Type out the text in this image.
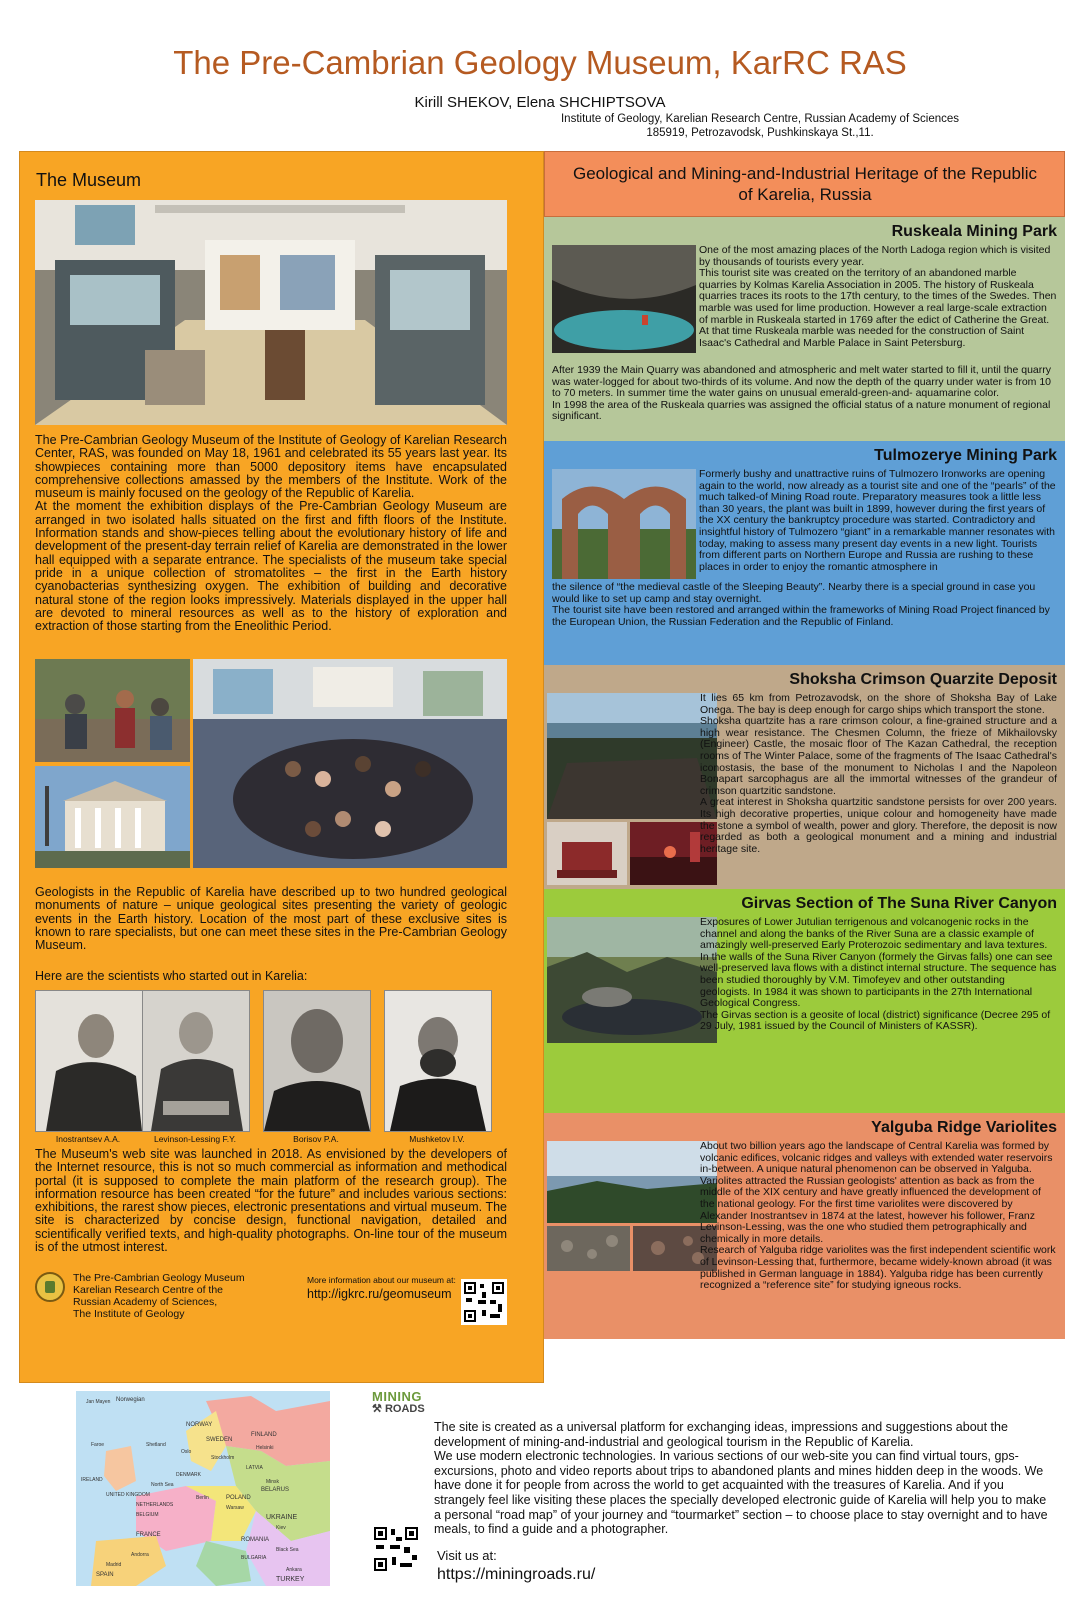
The Pre-Cambrian Geology Museum, KarRC RAS
Kirill SHEKOV, Elena SHCHIPTSOVA
Institute of Geology, Karelian Research Centre, Russian Academy of Sciences 185919, Petrozavodsk, Pushkinskaya St.,11.
The Museum
The Pre-Cambrian Geology Museum of the Institute of Geology of Karelian Research Center, RAS, was founded on May 18, 1961 and celebrated its 55 years last year. Its showpieces containing more than 5000 depository items have encapsulated comprehensive collections amassed by the members of the Institute. Work of the museum is mainly focused on the geology of the Republic of Karelia.
At the moment the exhibition displays of the Pre-Cambrian Geology Museum are arranged in two isolated halls situated on the first and fifth floors of the Institute. Information stands and show-pieces telling about the evolutionary history of life and development of the present-day terrain relief of Karelia are demonstrated in the lower hall equipped with a separate entrance. The specialists of the museum take special pride in a unique collection of stromatolites – the first in the Earth history cyanobacterias synthesizing oxygen. The exhibition of building and decorative natural stone of the region looks impressively. Materials displayed in the upper hall are devoted to mineral resources as well as to the history of exploration and extraction of those starting from the Eneolithic Period.
Geologists in the Republic of Karelia have described up to two hundred geological monuments of nature – unique geological sites presenting the variety of geologic events in the Earth history. Location of the most part of these exclusive sites is known to rare specialists, but one can meet these sites in the Pre-Cambrian Geology Museum.
Here are the scientists who started out in Karelia:
Inostrantsev A.A.	Levinson-Lessing F.Y.	Borisov P.A.	Mushketov I.V.
The Museum's web site was launched in 2018. As envisioned by the developers of the Internet resource, this is not so much commercial as information and methodical portal (it is supposed to complete the main platform of the research group). The information resource has been created “for the future” and includes various sections: exhibitions, the rarest show pieces, electronic presentations and virtual museum. The site is characterized by concise design, functional navigation, detailed and scientifically verified texts, and high-quality photographs. On-line tour of the museum is of the utmost interest.
The Pre-Cambrian Geology Museum
Karelian Research Centre of the
Russian Academy of Sciences,
The Institute of Geology
More information about our museum at:
http://igkrc.ru/geomuseum
Geological and Mining-and-Industrial Heritage of the Republic of Karelia, Russia
Ruskeala Mining Park
One of the most amazing places of the North Ladoga region which is visited by thousands of tourists every year.
This tourist site was created on the territory of an abandoned marble quarries by Kolmas Karelia Association in 2005. The history of Ruskeala quarries traces its roots to the 17th century, to the times of the Swedes. Then marble was used for lime production. However a real large-scale extraction of marble in Ruskeala started in 1769 after the edict of Catherine the Great. At that time Ruskeala marble was needed for the construction of Saint Isaac's Cathedral and Marble Palace in Saint Petersburg.
After 1939 the Main Quarry was abandoned and atmospheric and melt water started to fill it, until the quarry was water-logged for about two-thirds of its volume. And now the depth of the quarry under water is from 10 to 70 meters. In summer time the water gains on unusual emerald-green-and- aquamarine color.
In 1998 the area of the Ruskeala quarries was assigned the official status of a nature monument of regional significant.
Tulmozerye Mining Park
Formerly bushy and unattractive ruins of Tulmozero Ironworks are opening again to the world, now already as a tourist site and one of the “pearls” of the much talked-of Mining Road route. Preparatory measures took a little less than 30 years, the plant was built in 1899, however during the first years of the XX century the bankruptcy procedure was started. Contradictory and insightful history of Tulmozero “giant” in a remarkable manner resonates with today, making to assess many present day events in a new light. Tourists from different parts on Northern Europe and Russia are rushing to these places in order to enjoy the romantic atmosphere in
the silence of “the medieval castle of the Sleeping Beauty”. Nearby there is a special ground in case you would like to set up camp and stay overnight.
The tourist site have been restored and arranged within the frameworks of Mining Road Project financed by the European Union, the Russian Federation and the Republic of Finland.
Shoksha Crimson Quarzite Deposit
It lies 65 km from Petrozavodsk, on the shore of Shoksha Bay of Lake Onega. The bay is deep enough for cargo ships which transport the stone.
Shoksha quartzite has a rare crimson colour, a fine-grained structure and a high wear resistance. The Chesmen Column, the frieze of Mikhailovsky (Engineer) Castle, the mosaic floor of The Kazan Cathedral, the reception rooms of The Winter Palace, some of the fragments of The Isaac Cathedral's iconostasis, the base of the monument to Nicholas I and the Napoleon Bonapart sarcophagus are all the immortal witnesses of the grandeur of crimson quartzitic sandstone.
A great interest in Shoksha quartzitic sandstone persists for over 200 years. Its high decorative properties, unique colour and homogeneity have made the stone a symbol of wealth, power and glory. Therefore, the deposit is now regarded as both a geological monument and a mining and industrial heritage site.
Girvas Section of The Suna River Canyon
Exposures of Lower Jutulian terrigenous and volcanogenic rocks in the channel and along the banks of the River Suna are a classic example of amazingly well-preserved Early Proterozoic sedimentary and lava textures.
In the walls of the Suna River Canyon (formely the Girvas falls) one can see well-preserved lava flows with a distinct internal structure. The sequence has been studied thoroughly by V.M. Timofeyev and other outstanding geologists. In 1984 it was shown to participants in the 27th International Geological Congress.
The Girvas section is a geosite of local (district) significance (Decree 295 of 29 July, 1981 issued by the Council of Ministers of KASSR).
Yalguba Ridge Variolites
About two billion years ago the landscape of Central Karelia was formed by volcanic edifices, volcanic ridges and valleys with extended water reservoirs in-between. A unique natural phenomenon can be observed in Yalguba.
Variolites attracted the Russian geologists' attention as back as from the middle of the XIX century and have greatly influenced the development of the national geology. For the first time variolites were discovered by Alexander Inostrantsev in 1874 at the latest, however his follower, Franz Levinson-Lessing, was the one who studied them petrographically and chemically in more details.
Research of Yalguba ridge variolites was the first independent scientific work of Levinson-Lessing that, furthermore, became widely-known abroad (it was published in German language in 1884). Yalguba ridge has been currently recognized a “reference site” for studying igneous rocks.
Norwegian
Jan Mayen
NORWAY
SWEDEN
FINLAND
Faroe	Shetland
North Sea
IRELAND
UNITED KINGDOM
DENMARK
NETHERLANDS
BELGIUM
FRANCE
SPAIN
Madrid
Andorra
Berlin	POLAND
Warsaw
BELARUS
Minsk
UKRAINE
Kiev
ROMANIA
BULGARIA
Black Sea
Ankara
TURKEY
LATVIA
Oslo
Stockholm
Helsinki
MINING
⚒ ROADS
The site is created as a universal platform for exchanging ideas, impressions and suggestions about the development of mining-and-industrial and geological tourism in the Republic of Karelia.
We use modern electronic technologies. In various sections of our web-site you can find virtual tours, gps-excursions, photo and video reports about trips to abandoned plants and mines hidden deep in the woods. We have done it for people from across the world to get acquainted with the treasures of Karelia. And if you strangely feel like visiting these places the specially developed electronic guide of Karelia will help you to make a personal “road map” of your journey and “tourmarket” section – to choose place to stay overnight and to have meals, to find a guide and a photographer.
Visit us at:
https://miningroads.ru/
